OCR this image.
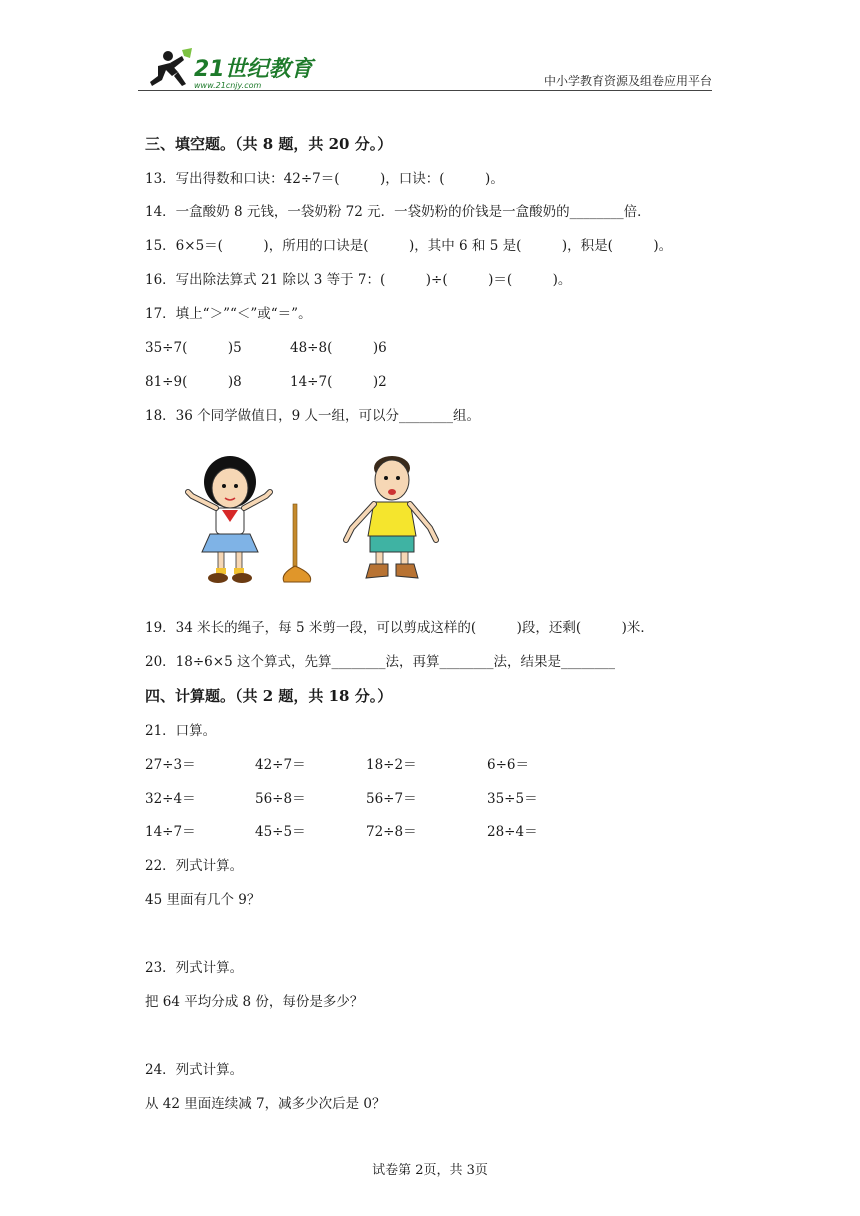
21世纪教育
www.21cnjy.com	中小学教育资源及组卷应用平台
三、填空题。（共 8 题，共 20 分。）
13．写出得数和口诀：42÷7＝(　　　)，口诀：(　　　)。
14．一盒酸奶 8 元钱，一袋奶粉 72 元．一袋奶粉的价钱是一盒酸奶的________倍．
15．6×5＝(　　　)，所用的口诀是(　　　)，其中 6 和 5 是(　　　)，积是(　　　)。
16．写出除法算式 21 除以 3 等于 7：(　　　)÷(　　　)＝(　　　)。
17．填上“＞”“＜”或“＝”。
35÷7(　　　)5	48÷8(　　　)6
81÷9(　　　)8	14÷7(　　　)2
18．36 个同学做值日，9 人一组，可以分________组。
19．34 米长的绳子，每 5 米剪一段，可以剪成这样的(　　　)段，还剩(　　　)米．
20．18÷6×5 这个算式，先算________法，再算________法，结果是________
四、计算题。（共 2 题，共 18 分。）
21．口算。
27÷3＝	42÷7＝	18÷2＝	6÷6＝
32÷4＝	56÷8＝	56÷7＝	35÷5＝
14÷7＝	45÷5＝	72÷8＝	28÷4＝
22．列式计算。
45 里面有几个 9？
23．列式计算。
把 64 平均分成 8 份，每份是多少？
24．列式计算。
从 42 里面连续减 7，减多少次后是 0？
试卷第 2页，共 3页
